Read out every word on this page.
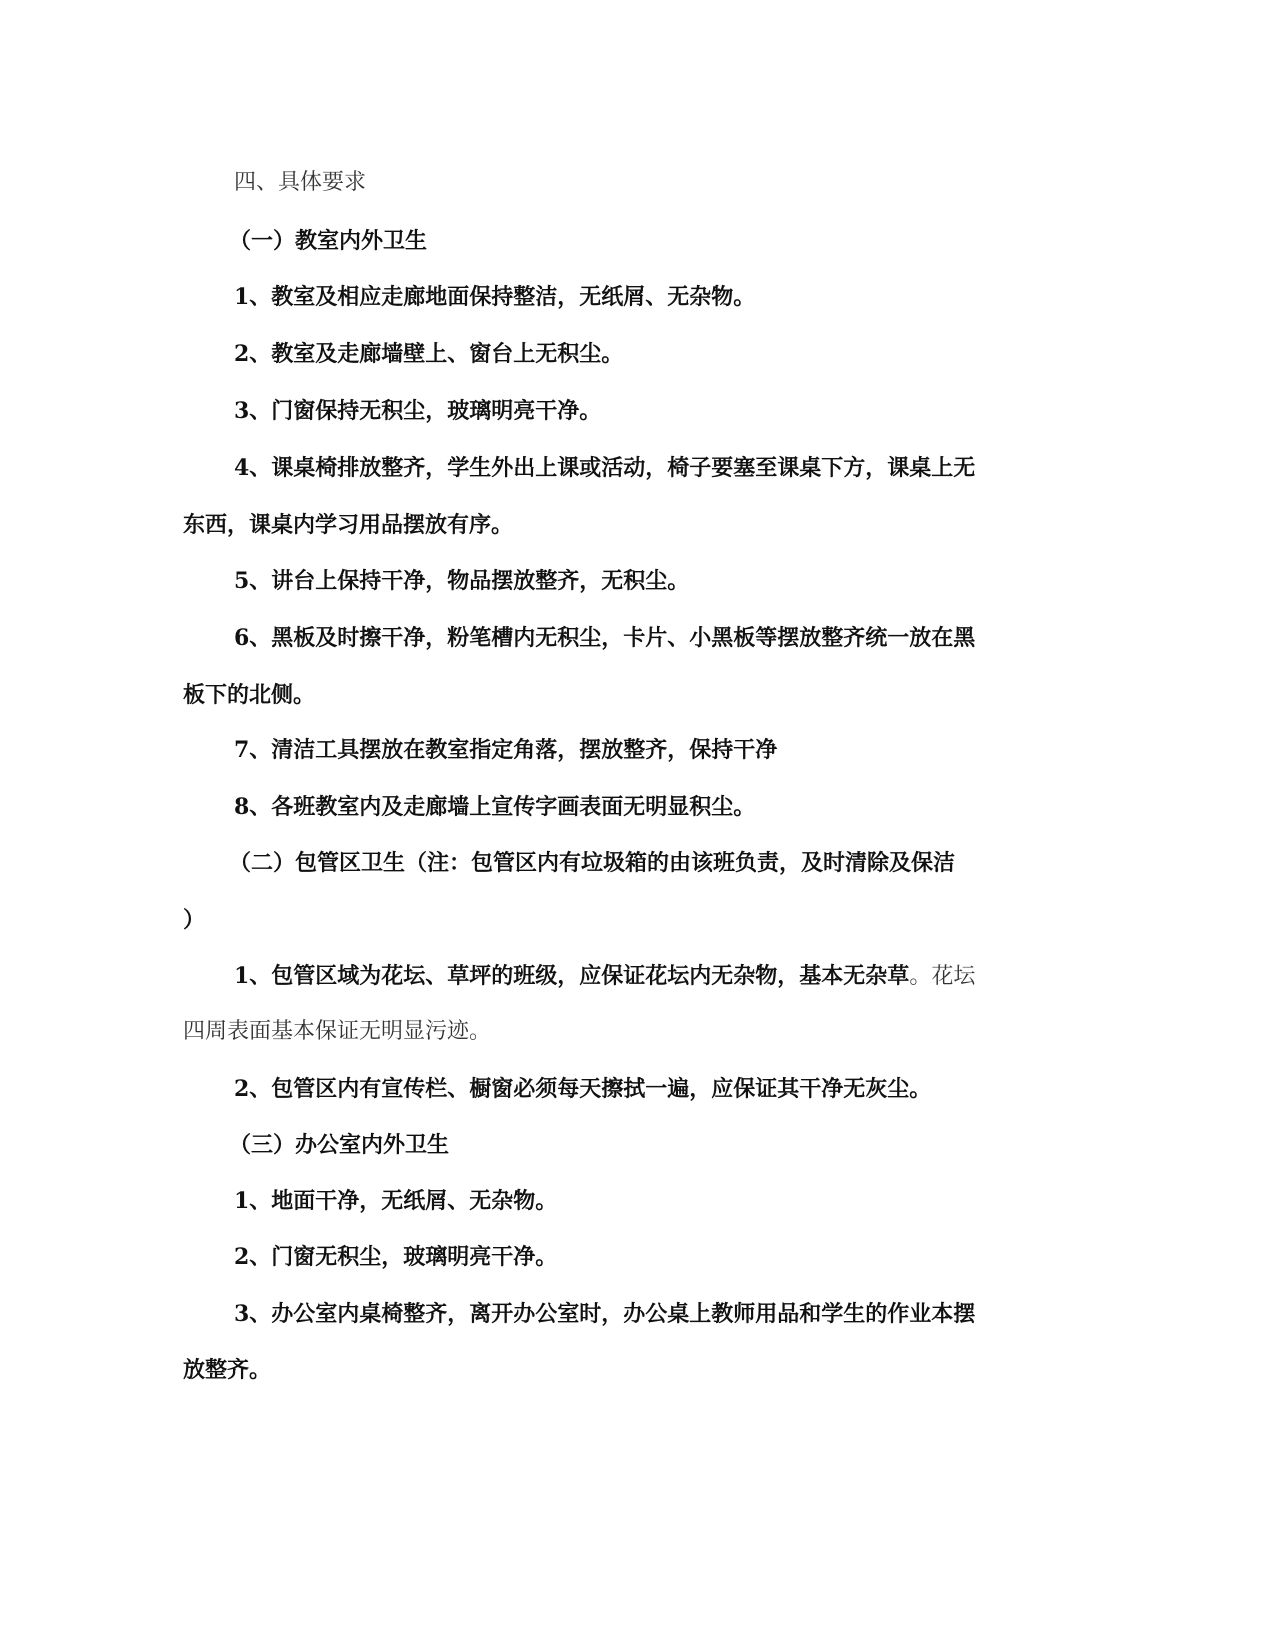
四、具体要求
（一）教室内外卫生
1、教室及相应走廊地面保持整洁，无纸屑、无杂物。
2、教室及走廊墙壁上、窗台上无积尘。
3、门窗保持无积尘，玻璃明亮干净。
4、课桌椅排放整齐，学生外出上课或活动，椅子要塞至课桌下方，课桌上无
东西，课桌内学习用品摆放有序。
5、讲台上保持干净，物品摆放整齐，无积尘。
6、黑板及时擦干净，粉笔槽内无积尘，卡片、小黑板等摆放整齐统一放在黑
板下的北侧。
7、清洁工具摆放在教室指定角落，摆放整齐，保持干净
8、各班教室内及走廊墙上宣传字画表面无明显积尘。
（二）包管区卫生（注：包管区内有垃圾箱的由该班负责，及时清除及保洁
）
1、包管区域为花坛、草坪的班级，应保证花坛内无杂物，基本无杂草。花坛
四周表面基本保证无明显污迹。
2、包管区内有宣传栏、橱窗必须每天擦拭一遍，应保证其干净无灰尘。
（三）办公室内外卫生
1、地面干净，无纸屑、无杂物。
2、门窗无积尘，玻璃明亮干净。
3、办公室内桌椅整齐，离开办公室时，办公桌上教师用品和学生的作业本摆
放整齐。
